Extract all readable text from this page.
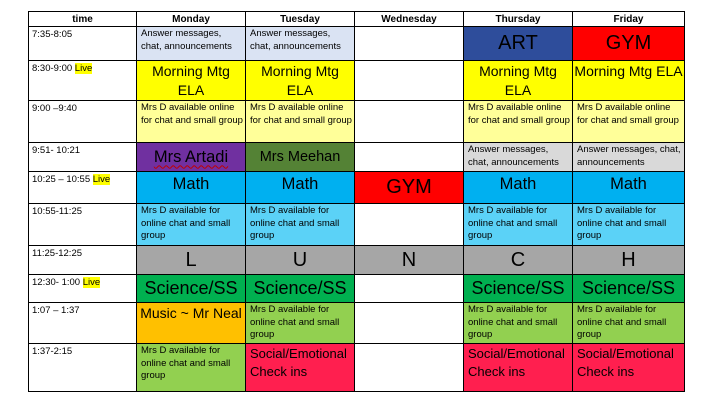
time	Monday	Tuesday	Wednesday	Thursday	Friday
7:35-8:05	Answer messages, chat, announcements	Answer messages, chat, announcements		ART	GYM
8:30-9:00 Live	Morning Mtg ELA	Morning Mtg ELA		Morning Mtg ELA	Morning Mtg ELA
9:00 –9:40	Mrs D available online for chat and small group	Mrs D available online for chat and small group		Mrs D available online for chat and small group	Mrs D available online for chat and small group
9:51- 10:21	Mrs Artadi	Mrs Meehan		Answer messages, chat, announcements	Answer messages, chat, announcements
10:25 – 10:55 Live	Math	Math	GYM	Math	Math
10:55-11:25	Mrs D available for online chat and small group	Mrs D available for online chat and small group		Mrs D available for online chat and small group	Mrs D available for online chat and small group
11:25-12:25	L	U	N	C	H
12:30- 1:00 Live	Science/SS	Science/SS		Science/SS	Science/SS
1:07 – 1:37	Music ~ Mr Neal	Mrs D available for online chat and small group		Mrs D available for online chat and small group	Mrs D available for online chat and small group
1:37-2:15	Mrs D available for online chat and small group	Social/Emotional Check ins		Social/Emotional Check ins	Social/Emotional Check ins
